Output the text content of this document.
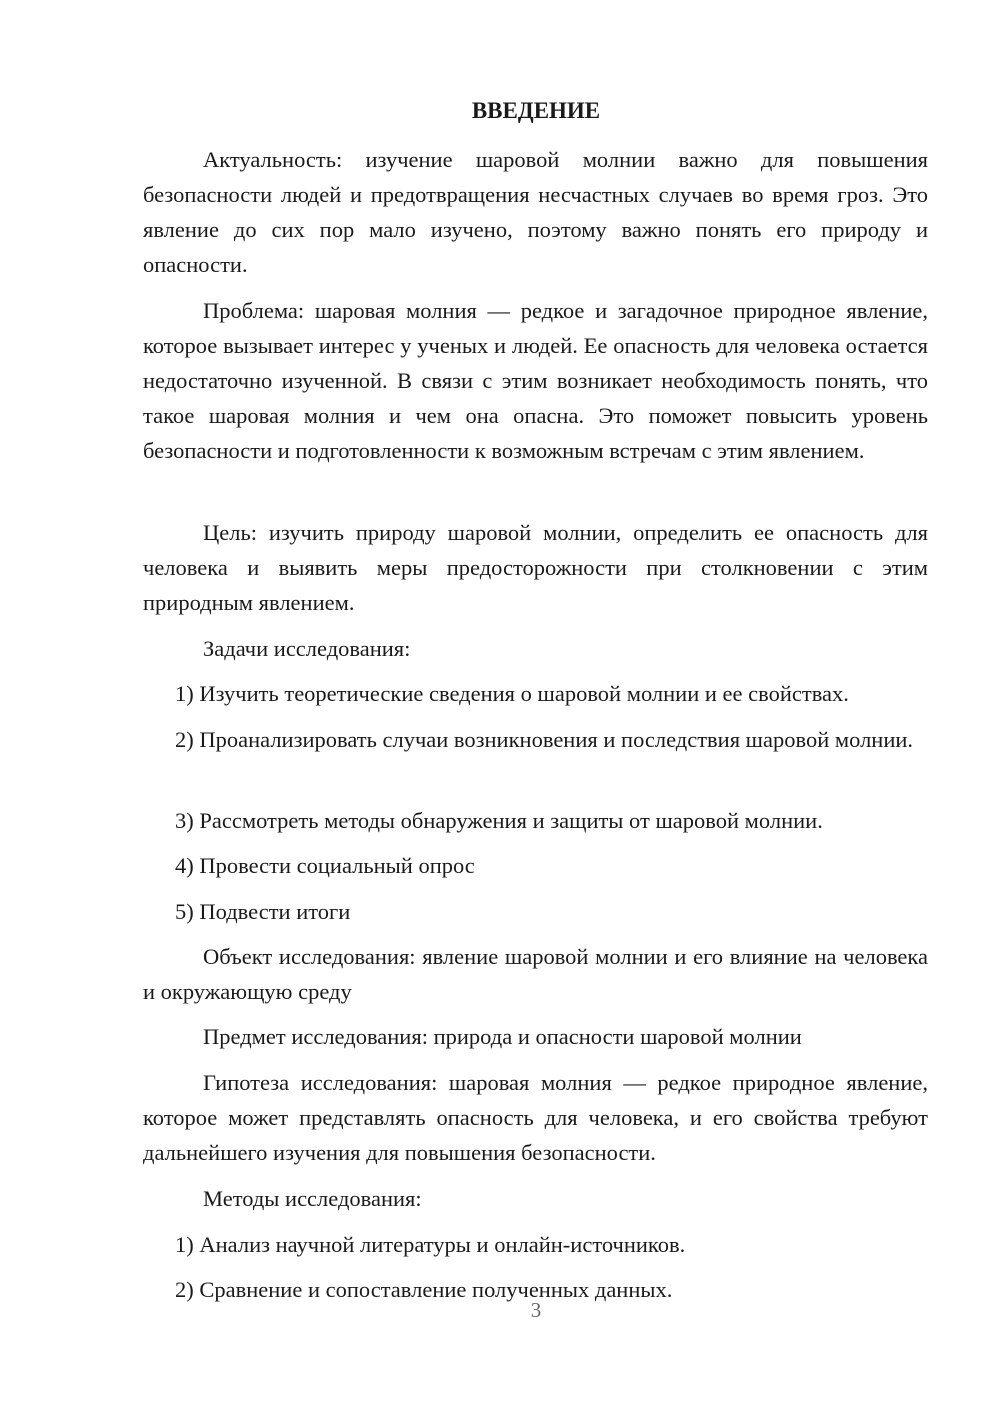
ВВЕДЕНИЕ
Актуальность: изучение шаровой молнии важно для повышения безопасности людей и предотвращения несчастных случаев во время гроз. Это явление до сих пор мало изучено, поэтому важно понять его природу и опасности.
Проблема: шаровая молния — редкое и загадочное природное явление, которое вызывает интерес у ученых и людей. Ее опасность для человека остается недостаточно изученной. В связи с этим возникает необходимость понять, что такое шаровая молния и чем она опасна. Это поможет повысить уровень безопасности и подготовленности к возможным встречам с этим явлением.
Цель: изучить природу шаровой молнии, определить ее опасность для человека и выявить меры предосторожности при столкновении с этим природным явлением.
Задачи исследования:
1) Изучить теоретические сведения о шаровой молнии и ее свойствах.
2) Проанализировать случаи возникновения и последствия шаровой молнии.
3) Рассмотреть методы обнаружения и защиты от шаровой молнии.
4) Провести социальный опрос
5) Подвести итоги
Объект исследования: явление шаровой молнии и его влияние на человека и окружающую среду
Предмет исследования: природа и опасности шаровой молнии
Гипотеза исследования: шаровая молния — редкое природное явление, которое может представлять опасность для человека, и его свойства требуют дальнейшего изучения для повышения безопасности.
Методы исследования:
1) Анализ научной литературы и онлайн-источников.
2) Сравнение и сопоставление полученных данных.
3
